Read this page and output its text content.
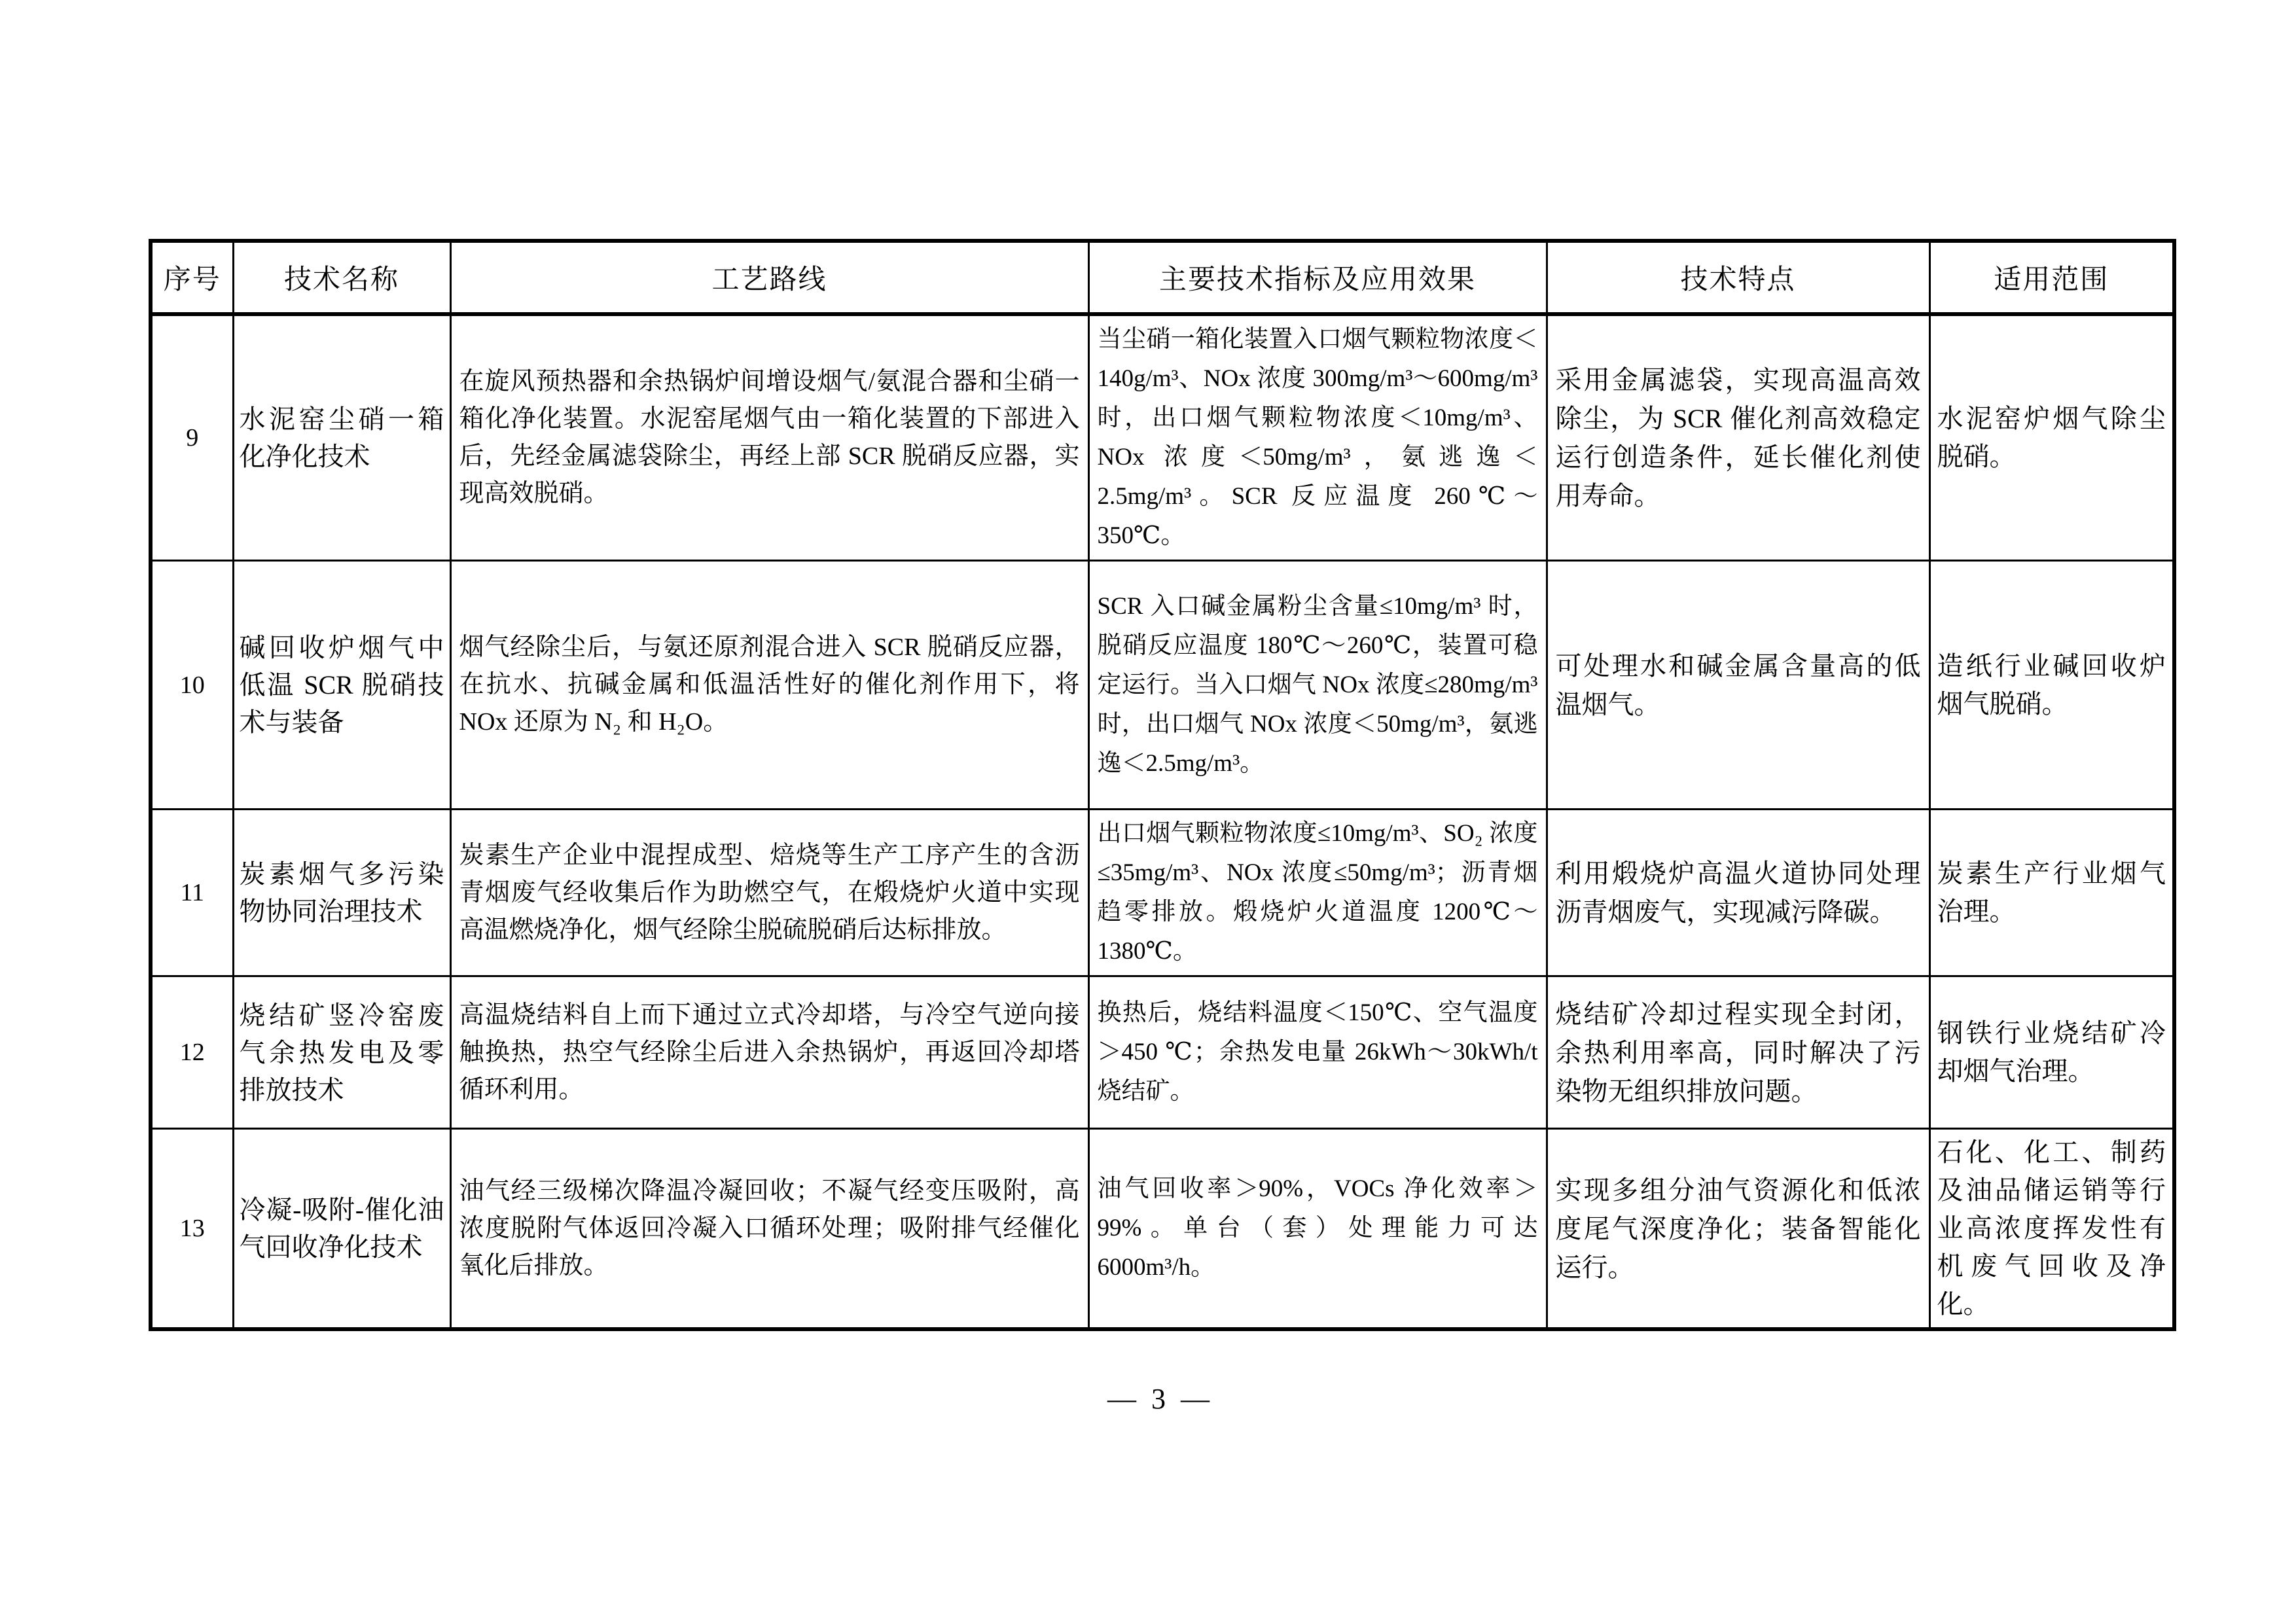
序号	技术名称	工艺路线	主要技术指标及应用效果	技术特点	适用范围
9	水泥窑尘硝一箱化净化技术	在旋风预热器和余热锅炉间增设烟气/氨混合器和尘硝一箱化净化装置。水泥窑尾烟气由一箱化装置的下部进入后，先经金属滤袋除尘，再经上部 SCR 脱硝反应器，实现高效脱硝。	当尘硝一箱化装置入口烟气颗粒物浓度＜140g/m³、NOx 浓度 300mg/m³～600mg/m³ 时，出口烟气颗粒物浓度＜10mg/m³、NOx 浓度＜50mg/m³，氨逃逸＜2.5mg/m³。SCR 反应温度 260℃～350℃。	采用金属滤袋，实现高温高效除尘，为 SCR 催化剂高效稳定运行创造条件，延长催化剂使用寿命。	水泥窑炉烟气除尘脱硝。
10	碱回收炉烟气中低温 SCR 脱硝技术与装备	烟气经除尘后，与氨还原剂混合进入 SCR 脱硝反应器，在抗水、抗碱金属和低温活性好的催化剂作用下，将 NOx 还原为 N₂ 和 H₂O。	SCR 入口碱金属粉尘含量≤10mg/m³ 时，脱硝反应温度 180℃～260℃，装置可稳定运行。当入口烟气 NOx 浓度≤280mg/m³ 时，出口烟气 NOx 浓度＜50mg/m³，氨逃逸＜2.5mg/m³。	可处理水和碱金属含量高的低温烟气。	造纸行业碱回收炉烟气脱硝。
11	炭素烟气多污染物协同治理技术	炭素生产企业中混捏成型、焙烧等生产工序产生的含沥青烟废气经收集后作为助燃空气，在煅烧炉火道中实现高温燃烧净化，烟气经除尘脱硫脱硝后达标排放。	出口烟气颗粒物浓度≤10mg/m³、SO₂ 浓度≤35mg/m³、NOx 浓度≤50mg/m³；沥青烟趋零排放。煅烧炉火道温度 1200℃～1380℃。	利用煅烧炉高温火道协同处理沥青烟废气，实现减污降碳。	炭素生产行业烟气治理。
12	烧结矿竖冷窑废气余热发电及零排放技术	高温烧结料自上而下通过立式冷却塔，与冷空气逆向接触换热，热空气经除尘后进入余热锅炉，再返回冷却塔循环利用。	换热后，烧结料温度＜150℃、空气温度＞450 ℃；余热发电量 26kWh～30kWh/t 烧结矿。	烧结矿冷却过程实现全封闭，余热利用率高，同时解决了污染物无组织排放问题。	钢铁行业烧结矿冷却烟气治理。
13	冷凝-吸附-催化油气回收净化技术	油气经三级梯次降温冷凝回收；不凝气经变压吸附，高浓度脱附气体返回冷凝入口循环处理；吸附排气经催化氧化后排放。	油气回收率＞90%，VOCs 净化效率＞99%。单台（套）处理能力可达 6000m³/h。	实现多组分油气资源化和低浓度尾气深度净化；装备智能化运行。	石化、化工、制药及油品储运销等行业高浓度挥发性有机废气回收及净化。
— 3 —
